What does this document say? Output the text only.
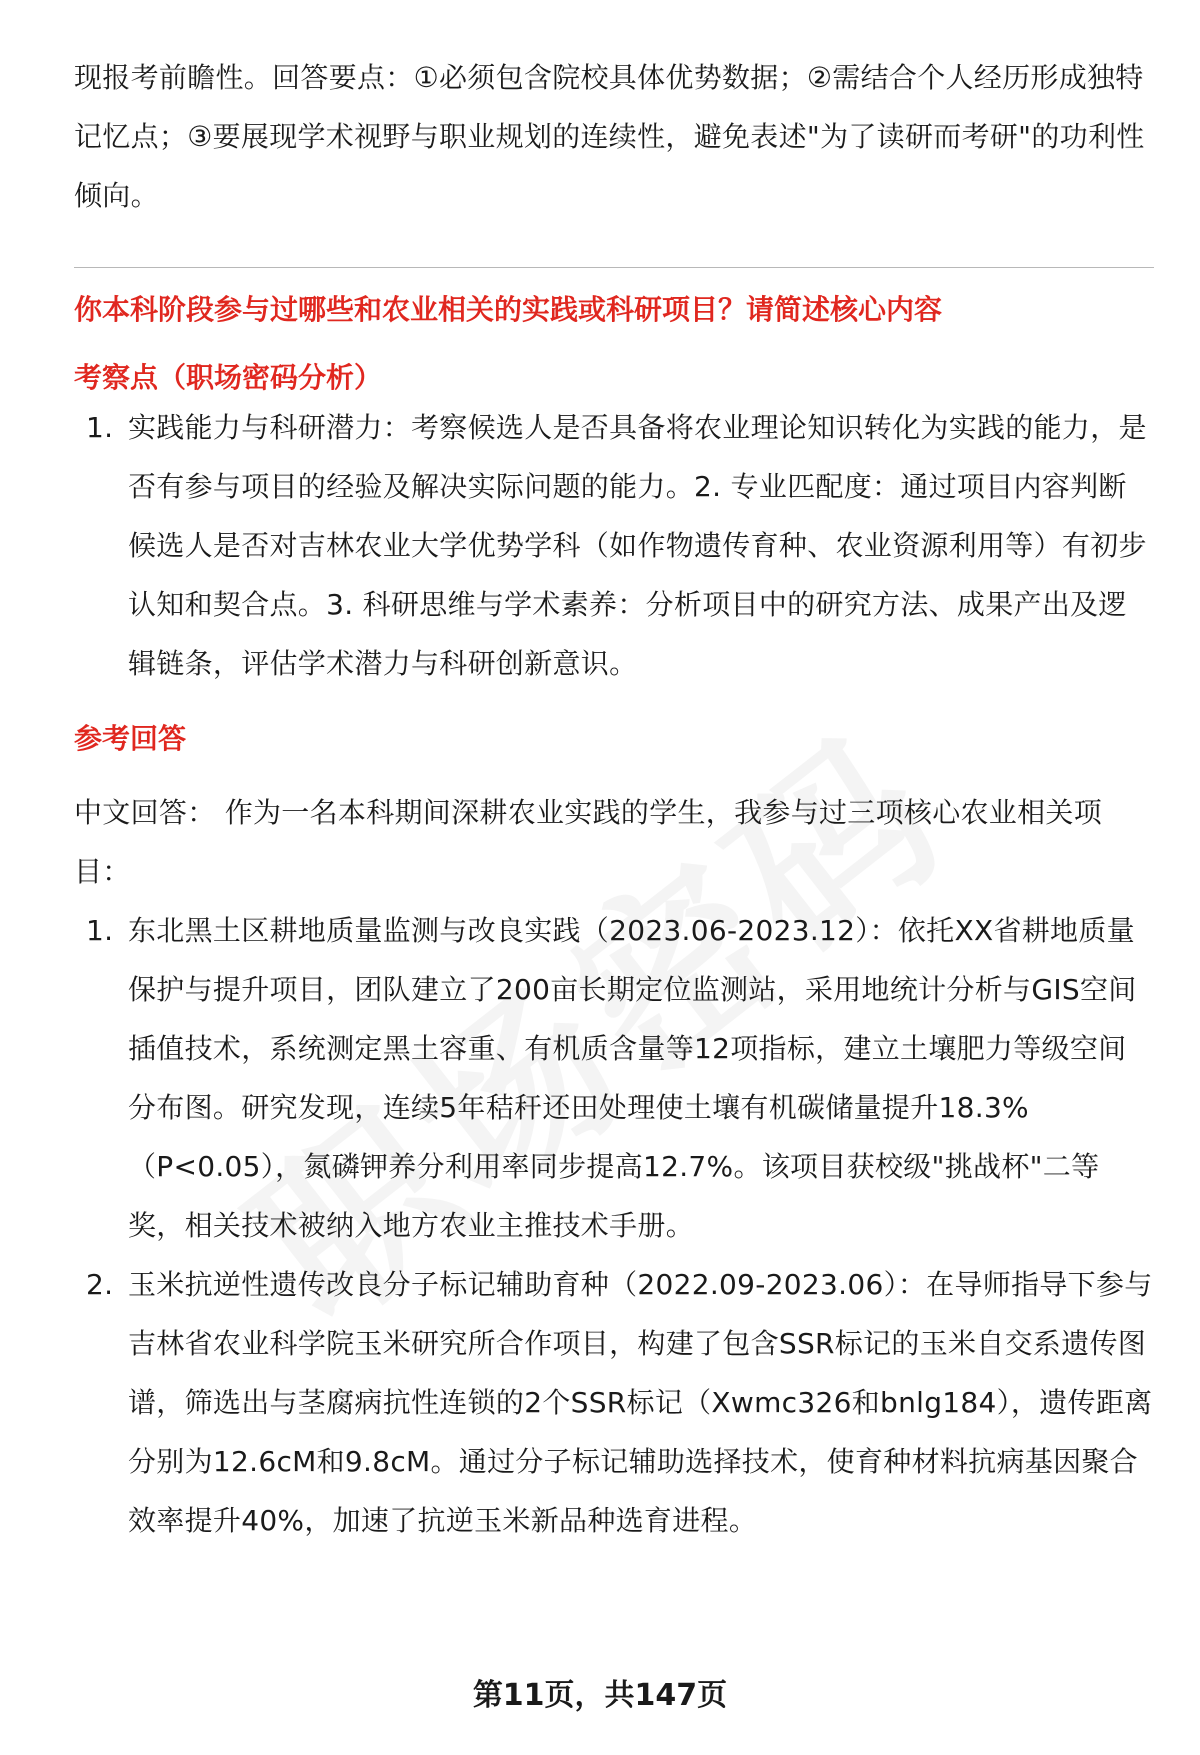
现报考前瞻性。回答要点：①必须包含院校具体优势数据；②需结合个人经历形成独特记忆点；③要展现学术视野与职业规划的连续性，避免表述"为了读研而考研"的功利性倾向。

你本科阶段参与过哪些和农业相关的实践或科研项目？请简述核心内容

考察点（职场密码分析）

1. 实践能力与科研潜力：考察候选人是否具备将农业理论知识转化为实践的能力，是否有参与项目的经验及解决实际问题的能力。2. 专业匹配度：通过项目内容判断候选人是否对吉林农业大学优势学科（如作物遗传育种、农业资源利用等）有初步认知和契合点。3. 科研思维与学术素养：分析项目中的研究方法、成果产出及逻辑链条，评估学术潜力与科研创新意识。

参考回答

中文回答： 作为一名本科期间深耕农业实践的学生，我参与过三项核心农业相关项目：

1. 东北黑土区耕地质量监测与改良实践（2023.06-2023.12）：依托XX省耕地质量保护与提升项目，团队建立了200亩长期定位监测站，采用地统计分析与GIS空间插值技术，系统测定黑土容重、有机质含量等12项指标，建立土壤肥力等级空间分布图。研究发现，连续5年秸秆还田处理使土壤有机碳储量提升18.3%（P<0.05），氮磷钾养分利用率同步提高12.7%。该项目获校级"挑战杯"二等奖，相关技术被纳入地方农业主推技术手册。
2. 玉米抗逆性遗传改良分子标记辅助育种（2022.09-2023.06）：在导师指导下参与吉林省农业科学院玉米研究所合作项目，构建了包含SSR标记的玉米自交系遗传图谱，筛选出与茎腐病抗性连锁的2个SSR标记（Xwmc326和bnlg184），遗传距离分别为12.6cM和9.8cM。通过分子标记辅助选择技术，使育种材料抗病基因聚合效率提升40%，加速了抗逆玉米新品种选育进程。
第11页，共147页
